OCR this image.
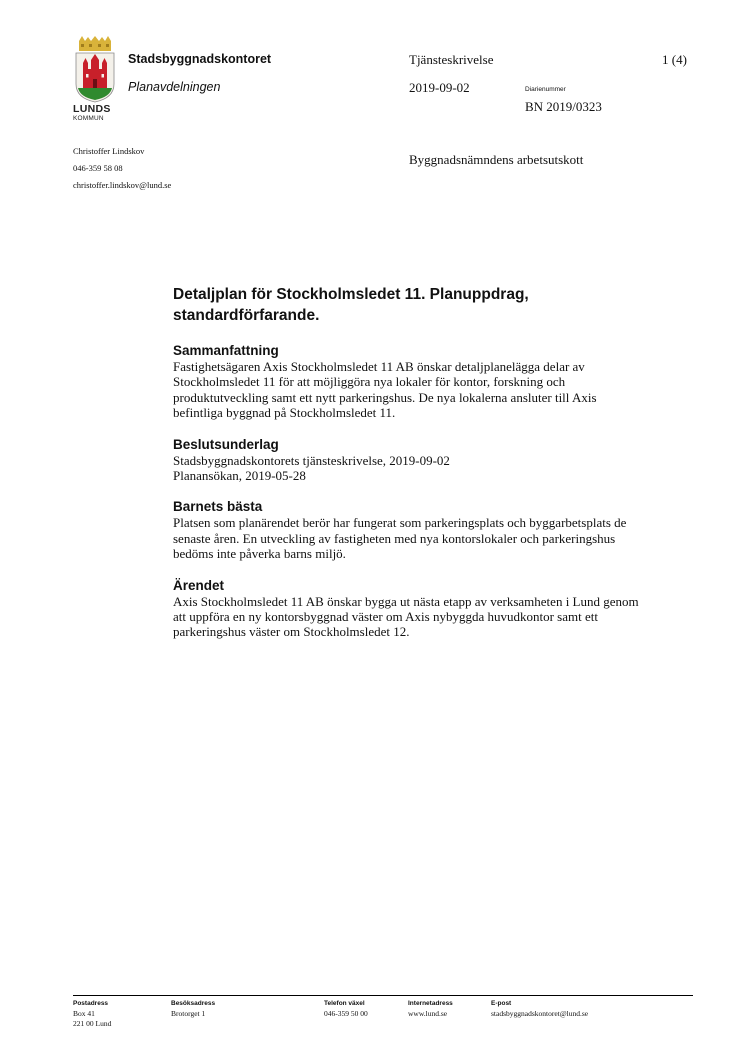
LUNDS
KOMMUN
Stadsbyggnadskontoret
Planavdelningen
Tjänsteskrivelse	1 (4)
2019-09-02	Diarienummer
BN 2019/0323
Christoffer Lindskov
046-359 58 08
christoffer.lindskov@lund.se
Byggnadsnämndens arbetsutskott
Detaljplan för Stockholmsledet 11. Planuppdrag, standardförfarande.
Sammanfattning

Fastighetsägaren Axis Stockholmsledet 11 AB önskar detaljplanelägga delar av Stockholmsledet 11 för att möjliggöra nya lokaler för kontor, forskning och produktutveckling samt ett nytt parkeringshus. De nya lokalerna ansluter till Axis befintliga byggnad på Stockholmsledet 11.

Beslutsunderlag

Stadsbyggnadskontorets tjänsteskrivelse, 2019-09-02
Planansökan, 2019-05-28

Barnets bästa

Platsen som planärendet berör har fungerat som parkeringsplats och byggarbetsplats de senaste åren. En utveckling av fastigheten med nya kontorslokaler och parkeringshus bedöms inte påverka barns miljö.

Ärendet

Axis Stockholmsledet 11 AB önskar bygga ut nästa etapp av verksamheten i Lund genom att uppföra en ny kontorsbyggnad väster om Axis nybyggda huvudkontor samt ett parkeringshus väster om Stockholmsledet 12.

Postadress
Box 41
221 00 Lund
Besöksadress
Brotorget 1
Telefon växel
046-359 50 00
Internetadress
www.lund.se
E-post
stadsbyggnadskontoret@lund.se
